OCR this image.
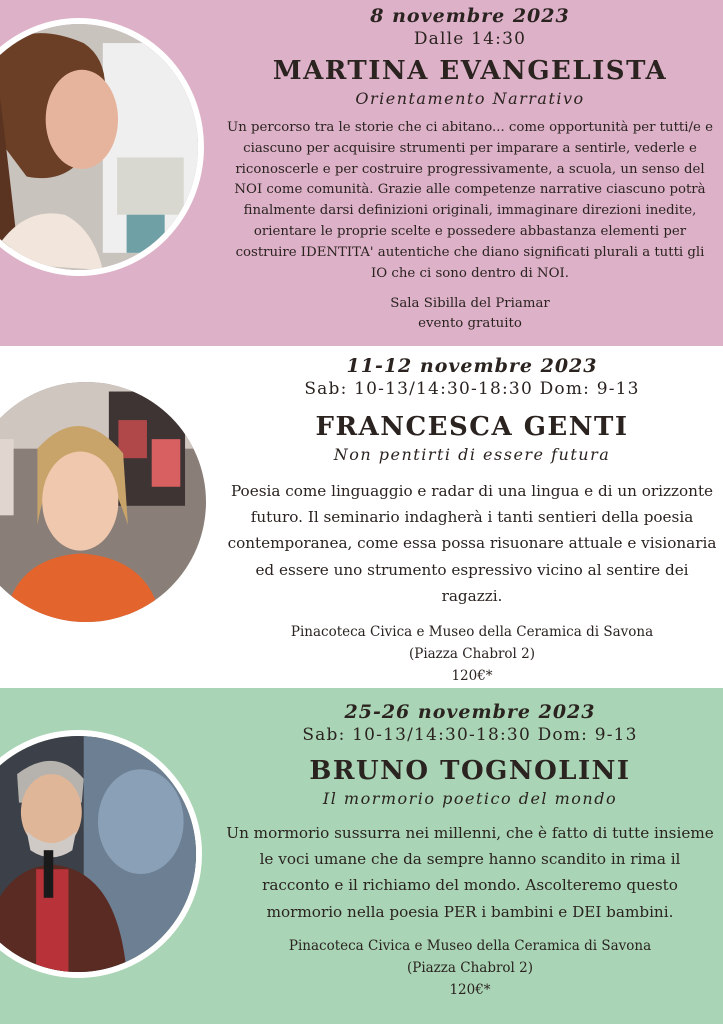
8 novembre 2023

Dalle 14:30

MARTINA EVANGELISTA

Orientamento Narrativo

Un percorso tra le storie che ci abitano... come opportunità per tutti/e e ciascuno per acquisire strumenti per imparare a sentirle, vederle e riconoscerle e per costruire progressivamente, a scuola, un senso del NOI come comunità. Grazie alle competenze narrative ciascuno potrà finalmente darsi definizioni originali, immaginare direzioni inedite, orientare le proprie scelte e possedere abbastanza elementi per costruire IDENTITA' autentiche che diano significati plurali a tutti gli IO che ci sono dentro di NOI.

Sala Sibilla del Priamar

evento gratuito

11-12 novembre 2023

Sab: 10-13/14:30-18:30 Dom: 9-13

FRANCESCA GENTI

Non pentirti di essere futura

Poesia come linguaggio e radar di una lingua e di un orizzonte futuro. Il seminario indagherà i tanti sentieri della poesia contemporanea, come essa possa risuonare attuale e visionaria ed essere uno strumento espressivo vicino al sentire dei ragazzi.

Pinacoteca Civica e Museo della Ceramica di Savona

(Piazza Chabrol 2)

120€*

25-26 novembre 2023

Sab: 10-13/14:30-18:30 Dom: 9-13

BRUNO TOGNOLINI

Il mormorio poetico del mondo

Un mormorio sussurra nei millenni, che è fatto di tutte insieme le voci umane che da sempre hanno scandito in rima il racconto e il richiamo del mondo. Ascolteremo questo mormorio nella poesia PER i bambini e DEI bambini.

Pinacoteca Civica e Museo della Ceramica di Savona

(Piazza Chabrol 2)

120€*
